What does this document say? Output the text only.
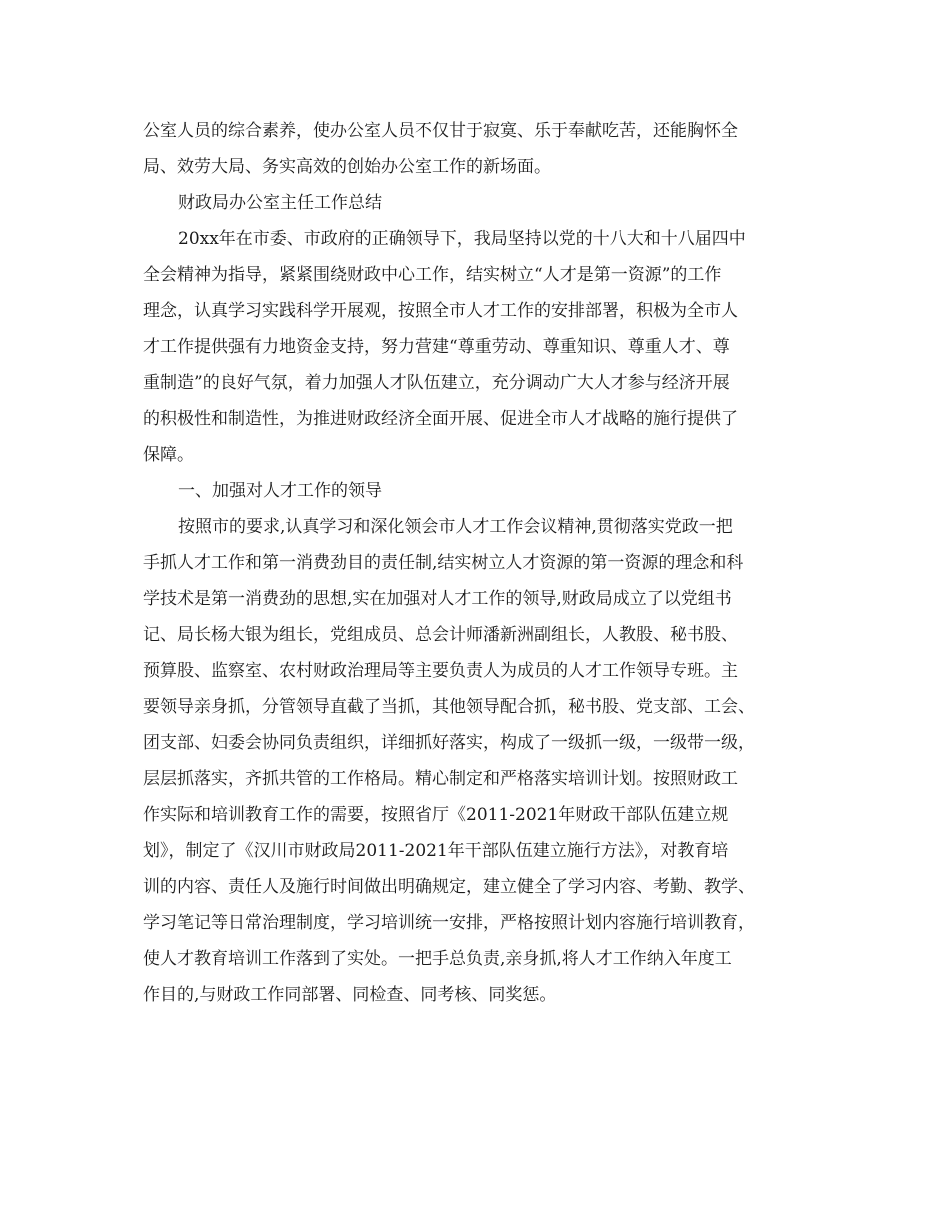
公室人员的综合素养，使办公室人员不仅甘于寂寞、乐于奉献吃苦，还能胸怀全

局、效劳大局、务实高效的创始办公室工作的新场面。

财政局办公室主任工作总结

20xx年在市委、市政府的正确领导下，我局坚持以党的十八大和十八届四中

全会精神为指导，紧紧围绕财政中心工作，结实树立“人才是第一资源”的工作

理念，认真学习实践科学开展观，按照全市人才工作的安排部署，积极为全市人

才工作提供强有力地资金支持，努力营建“尊重劳动、尊重知识、尊重人才、尊

重制造”的良好气氛，着力加强人才队伍建立，充分调动广大人才参与经济开展

的积极性和制造性，为推进财政经济全面开展、促进全市人才战略的施行提供了

保障。

一、加强对人才工作的领导

按照市的要求,认真学习和深化领会市人才工作会议精神,贯彻落实党政一把

手抓人才工作和第一消费劲目的责任制,结实树立人才资源的第一资源的理念和科

学技术是第一消费劲的思想,实在加强对人才工作的领导,财政局成立了以党组书

记、局长杨大银为组长，党组成员、总会计师潘新洲副组长，人教股、秘书股、

预算股、监察室、农村财政治理局等主要负责人为成员的人才工作领导专班。主

要领导亲身抓，分管领导直截了当抓，其他领导配合抓，秘书股、党支部、工会、

团支部、妇委会协同负责组织，详细抓好落实，构成了一级抓一级，一级带一级，

层层抓落实，齐抓共管的工作格局。精心制定和严格落实培训计划。按照财政工

作实际和培训教育工作的需要，按照省厅《2011-2021年财政干部队伍建立规

划》，制定了《汉川市财政局2011-2021年干部队伍建立施行方法》，对教育培

训的内容、责任人及施行时间做出明确规定，建立健全了学习内容、考勤、教学、

学习笔记等日常治理制度，学习培训统一安排，严格按照计划内容施行培训教育，

使人才教育培训工作落到了实处。一把手总负责,亲身抓,将人才工作纳入年度工

作目的,与财政工作同部署、同检查、同考核、同奖惩。
